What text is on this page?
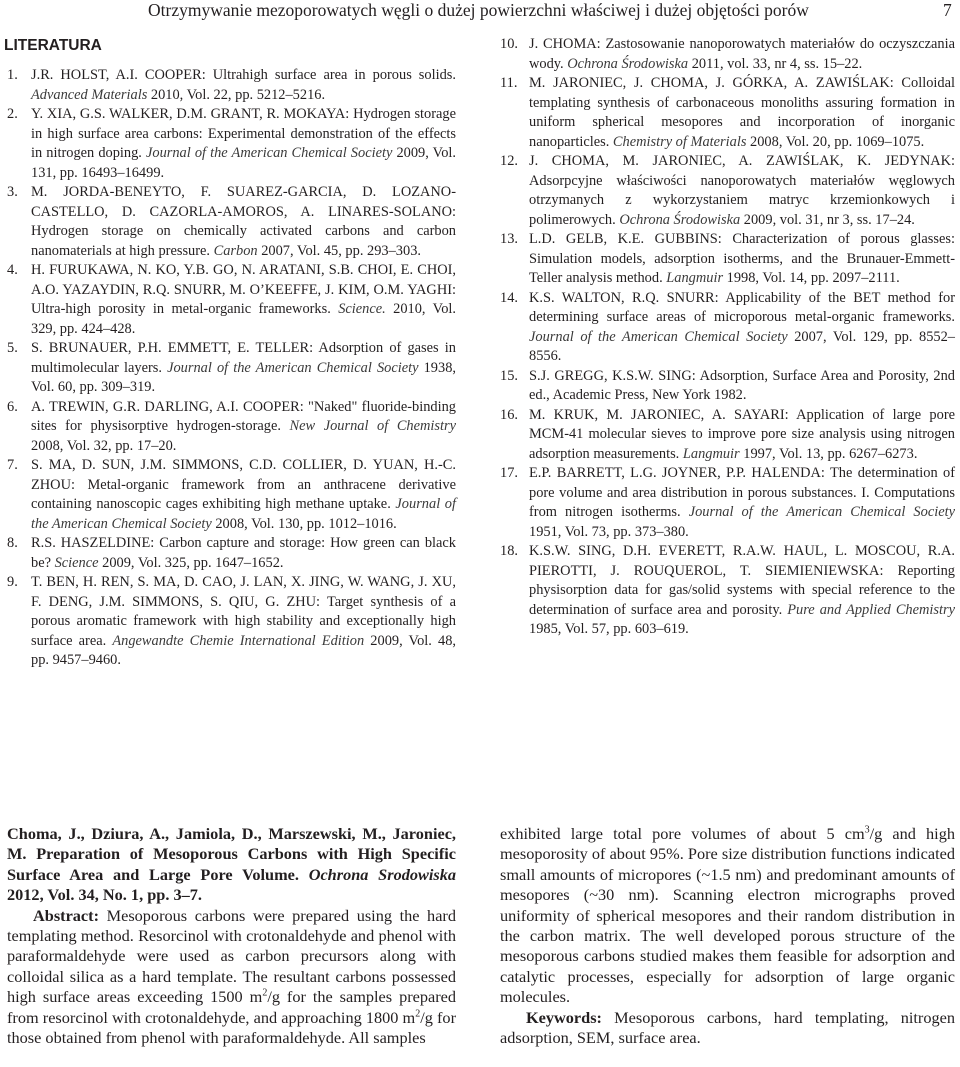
Otrzymywanie mezoporowatych węgli o dużej powierzchni właściwej i dużej objętości porów	7
LITERATURA
1. J.R. HOLST, A.I. COOPER: Ultrahigh surface area in porous solids. Advanced Materials 2010, Vol. 22, pp. 5212–5216.
2. Y. XIA, G.S. WALKER, D.M. GRANT, R. MOKAYA: Hydrogen storage in high surface area carbons: Experimental demonstration of the effects in nitrogen doping. Journal of the American Chemical Society 2009, Vol. 131, pp. 16493–16499.
3. M. JORDA-BENEYTO, F. SUAREZ-GARCIA, D. LOZANO-CASTELLO, D. CAZORLA-AMOROS, A. LINARES-SOLANO: Hydrogen storage on chemically activated carbons and carbon nanomaterials at high pressure. Carbon 2007, Vol. 45, pp. 293–303.
4. H. FURUKAWA, N. KO, Y.B. GO, N. ARATANI, S.B. CHOI, E. CHOI, A.O. YAZAYDIN, R.Q. SNURR, M. O’KEEFFE, J. KIM, O.M. YAGHI: Ultra-high porosity in metal-organic frameworks. Science. 2010, Vol. 329, pp. 424–428.
5. S. BRUNAUER, P.H. EMMETT, E. TELLER: Adsorption of gases in multimolecular layers. Journal of the American Chemical Society 1938, Vol. 60, pp. 309–319.
6. A. TREWIN, G.R. DARLING, A.I. COOPER: "Naked" fluoride-binding sites for physisorptive hydrogen-storage. New Journal of Chemistry 2008, Vol. 32, pp. 17–20.
7. S. MA, D. SUN, J.M. SIMMONS, C.D. COLLIER, D. YUAN, H.-C. ZHOU: Metal-organic framework from an anthracene derivative containing nanoscopic cages exhibiting high methane uptake. Journal of the American Chemical Society 2008, Vol. 130, pp. 1012–1016.
8. R.S. HASZELDINE: Carbon capture and storage: How green can black be? Science 2009, Vol. 325, pp. 1647–1652.
9. T. BEN, H. REN, S. MA, D. CAO, J. LAN, X. JING, W. WANG, J. XU, F. DENG, J.M. SIMMONS, S. QIU, G. ZHU: Target synthesis of a porous aromatic framework with high stability and exceptionally high surface area. Angewandte Chemie International Edition 2009, Vol. 48, pp. 9457–9460.
10. J. CHOMA: Zastosowanie nanoporowatych materiałów do oczyszczania wody. Ochrona Środowiska 2011, vol. 33, nr 4, ss. 15–22.
11. M. JARONIEC, J. CHOMA, J. GÓRKA, A. ZAWIŚLAK: Colloidal templating synthesis of carbonaceous monoliths assuring formation in uniform spherical mesopores and incorporation of inorganic nanoparticles. Chemistry of Materials 2008, Vol. 20, pp. 1069–1075.
12. J. CHOMA, M. JARONIEC, A. ZAWIŚLAK, K. JEDYNAK: Adsorpcyjne właściwości nanoporowatych materiałów węglowych otrzymanych z wykorzystaniem matryc krzemionkowych i polimerowych. Ochrona Środowiska 2009, vol. 31, nr 3, ss. 17–24.
13. L.D. GELB, K.E. GUBBINS: Characterization of porous glasses: Simulation models, adsorption isotherms, and the Brunauer-Emmett-Teller analysis method. Langmuir 1998, Vol. 14, pp. 2097–2111.
14. K.S. WALTON, R.Q. SNURR: Applicability of the BET method for determining surface areas of microporous metal-organic frameworks. Journal of the American Chemical Society 2007, Vol. 129, pp. 8552–8556.
15. S.J. GREGG, K.S.W. SING: Adsorption, Surface Area and Porosity, 2nd ed., Academic Press, New York 1982.
16. M. KRUK, M. JARONIEC, A. SAYARI: Application of large pore MCM-41 molecular sieves to improve pore size analysis using nitrogen adsorption measurements. Langmuir 1997, Vol. 13, pp. 6267–6273.
17. E.P. BARRETT, L.G. JOYNER, P.P. HALENDA: The determination of pore volume and area distribution in porous substances. I. Computations from nitrogen isotherms. Journal of the American Chemical Society 1951, Vol. 73, pp. 373–380.
18. K.S.W. SING, D.H. EVERETT, R.A.W. HAUL, L. MOSCOU, R.A. PIEROTTI, J. ROUQUEROL, T. SIEMIENIEWSKA: Reporting physisorption data for gas/solid systems with special reference to the determination of surface area and porosity. Pure and Applied Chemistry 1985, Vol. 57, pp. 603–619.
Choma, J., Dziura, A., Jamiola, D., Marszewski, M., Jaroniec, M. Preparation of Mesoporous Carbons with High Specific Surface Area and Large Pore Volume. Ochrona Srodowiska 2012, Vol. 34, No. 1, pp. 3–7.
Abstract: Mesoporous carbons were prepared using the hard templating method. Resorcinol with crotonaldehyde and phenol with paraformaldehyde were used as carbon precursors along with colloidal silica as a hard template. The resultant carbons possessed high surface areas exceeding 1500 $m^2/g$ for the samples prepared from resorcinol with crotonaldehyde, and approaching 1800 $m^2/g$ for those obtained from phenol with paraformaldehyde. All samples
exhibited large total pore volumes of about 5 $cm^3/g$ and high mesoporosity of about 95%. Pore size distribution functions indicated small amounts of micropores (~1.5 nm) and predominant amounts of mesopores (~30 nm). Scanning electron micrographs proved uniformity of spherical mesopores and their random distribution in the carbon matrix. The well developed porous structure of the mesoporous carbons studied makes them feasible for adsorption and catalytic processes, especially for adsorption of large organic molecules.
Keywords: Mesoporous carbons, hard templating, nitrogen adsorption, SEM, surface area.
